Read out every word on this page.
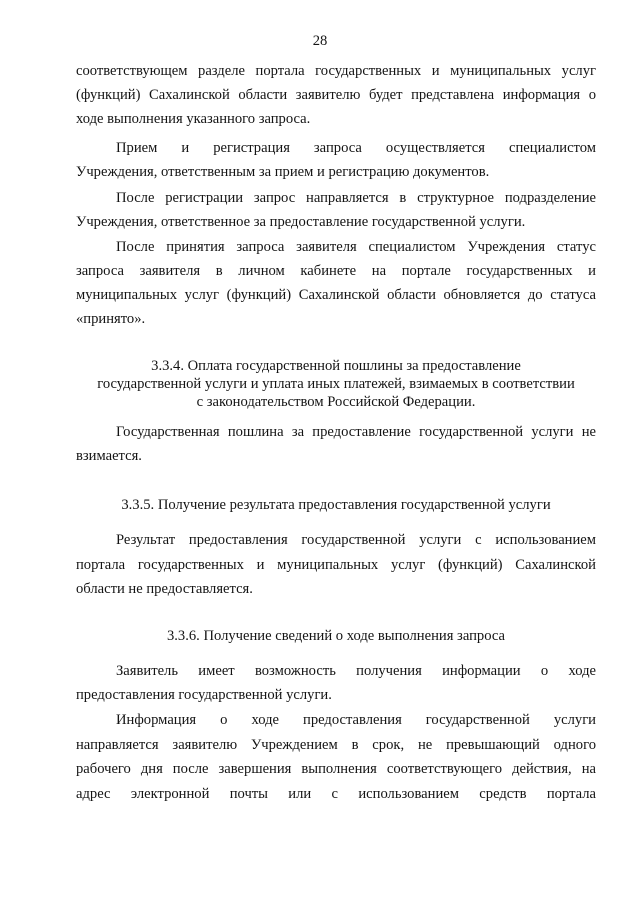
28
соответствующем разделе портала государственных и муниципальных услуг
(функций) Сахалинской области заявителю будет представлена информация о
ходе выполнения указанного запроса.
Прием и регистрация запроса осуществляется специалистом
Учреждения, ответственным за прием и регистрацию документов.
После регистрации запрос направляется в структурное подразделение
Учреждения, ответственное за предоставление государственной услуги.
После принятия запроса заявителя специалистом Учреждения статус
запроса заявителя в личном кабинете на портале государственных и
муниципальных услуг (функций) Сахалинской области обновляется до статуса
«принято».
3.3.4. Оплата государственной пошлины за предоставление
государственной услуги и уплата иных платежей, взимаемых в соответствии
с законодательством Российской Федерации.
Государственная пошлина за предоставление государственной услуги не
взимается.
3.3.5. Получение результата предоставления государственной услуги
Результат предоставления государственной услуги с использованием
портала государственных и муниципальных услуг (функций) Сахалинской
области не предоставляется.
3.3.6. Получение сведений о ходе выполнения запроса
Заявитель имеет возможность получения информации о ходе
предоставления государственной услуги.
Информация о ходе предоставления государственной услуги
направляется заявителю Учреждением в срок, не превышающий одного
рабочего дня после завершения выполнения соответствующего действия, на
адрес электронной почты или с использованием средств портала
